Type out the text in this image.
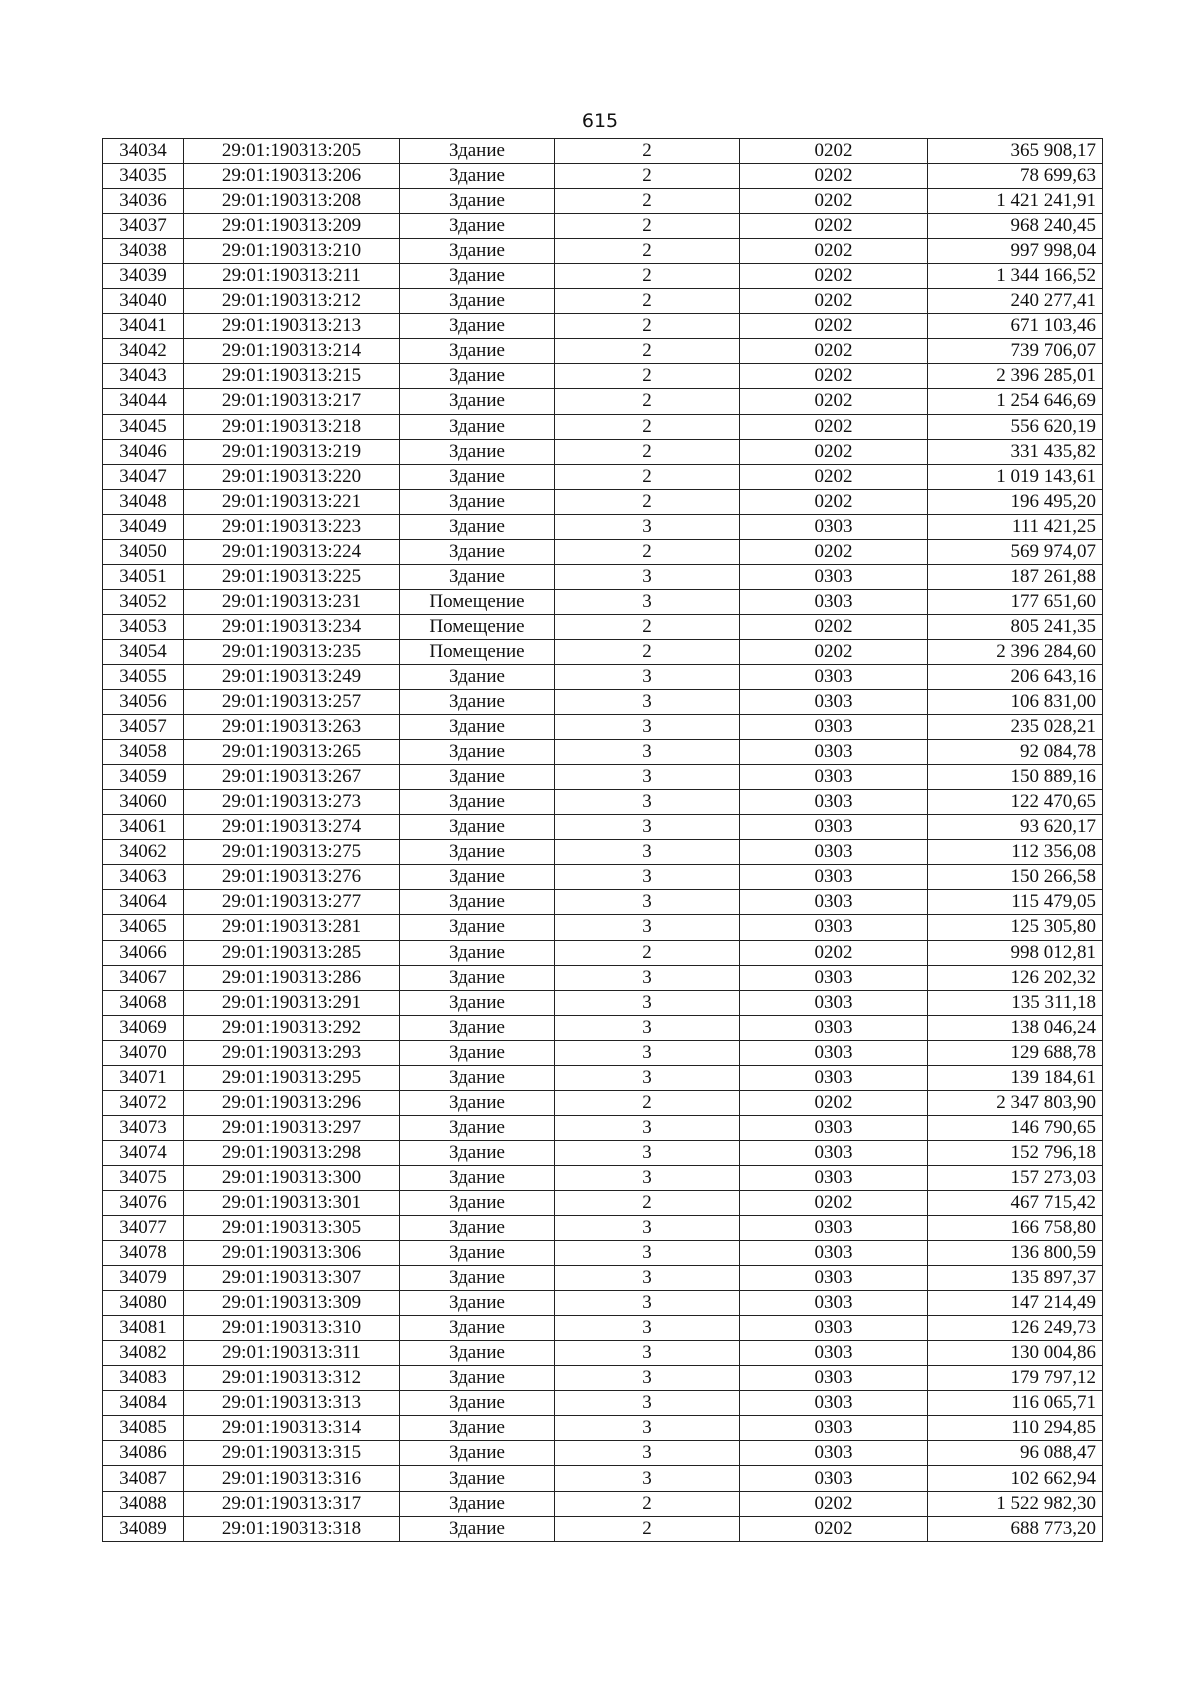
615
34034	29:01:190313:205	Здание	2	0202	365 908,17
34035	29:01:190313:206	Здание	2	0202	78 699,63
34036	29:01:190313:208	Здание	2	0202	1 421 241,91
34037	29:01:190313:209	Здание	2	0202	968 240,45
34038	29:01:190313:210	Здание	2	0202	997 998,04
34039	29:01:190313:211	Здание	2	0202	1 344 166,52
34040	29:01:190313:212	Здание	2	0202	240 277,41
34041	29:01:190313:213	Здание	2	0202	671 103,46
34042	29:01:190313:214	Здание	2	0202	739 706,07
34043	29:01:190313:215	Здание	2	0202	2 396 285,01
34044	29:01:190313:217	Здание	2	0202	1 254 646,69
34045	29:01:190313:218	Здание	2	0202	556 620,19
34046	29:01:190313:219	Здание	2	0202	331 435,82
34047	29:01:190313:220	Здание	2	0202	1 019 143,61
34048	29:01:190313:221	Здание	2	0202	196 495,20
34049	29:01:190313:223	Здание	3	0303	111 421,25
34050	29:01:190313:224	Здание	2	0202	569 974,07
34051	29:01:190313:225	Здание	3	0303	187 261,88
34052	29:01:190313:231	Помещение	3	0303	177 651,60
34053	29:01:190313:234	Помещение	2	0202	805 241,35
34054	29:01:190313:235	Помещение	2	0202	2 396 284,60
34055	29:01:190313:249	Здание	3	0303	206 643,16
34056	29:01:190313:257	Здание	3	0303	106 831,00
34057	29:01:190313:263	Здание	3	0303	235 028,21
34058	29:01:190313:265	Здание	3	0303	92 084,78
34059	29:01:190313:267	Здание	3	0303	150 889,16
34060	29:01:190313:273	Здание	3	0303	122 470,65
34061	29:01:190313:274	Здание	3	0303	93 620,17
34062	29:01:190313:275	Здание	3	0303	112 356,08
34063	29:01:190313:276	Здание	3	0303	150 266,58
34064	29:01:190313:277	Здание	3	0303	115 479,05
34065	29:01:190313:281	Здание	3	0303	125 305,80
34066	29:01:190313:285	Здание	2	0202	998 012,81
34067	29:01:190313:286	Здание	3	0303	126 202,32
34068	29:01:190313:291	Здание	3	0303	135 311,18
34069	29:01:190313:292	Здание	3	0303	138 046,24
34070	29:01:190313:293	Здание	3	0303	129 688,78
34071	29:01:190313:295	Здание	3	0303	139 184,61
34072	29:01:190313:296	Здание	2	0202	2 347 803,90
34073	29:01:190313:297	Здание	3	0303	146 790,65
34074	29:01:190313:298	Здание	3	0303	152 796,18
34075	29:01:190313:300	Здание	3	0303	157 273,03
34076	29:01:190313:301	Здание	2	0202	467 715,42
34077	29:01:190313:305	Здание	3	0303	166 758,80
34078	29:01:190313:306	Здание	3	0303	136 800,59
34079	29:01:190313:307	Здание	3	0303	135 897,37
34080	29:01:190313:309	Здание	3	0303	147 214,49
34081	29:01:190313:310	Здание	3	0303	126 249,73
34082	29:01:190313:311	Здание	3	0303	130 004,86
34083	29:01:190313:312	Здание	3	0303	179 797,12
34084	29:01:190313:313	Здание	3	0303	116 065,71
34085	29:01:190313:314	Здание	3	0303	110 294,85
34086	29:01:190313:315	Здание	3	0303	96 088,47
34087	29:01:190313:316	Здание	3	0303	102 662,94
34088	29:01:190313:317	Здание	2	0202	1 522 982,30
34089	29:01:190313:318	Здание	2	0202	688 773,20
